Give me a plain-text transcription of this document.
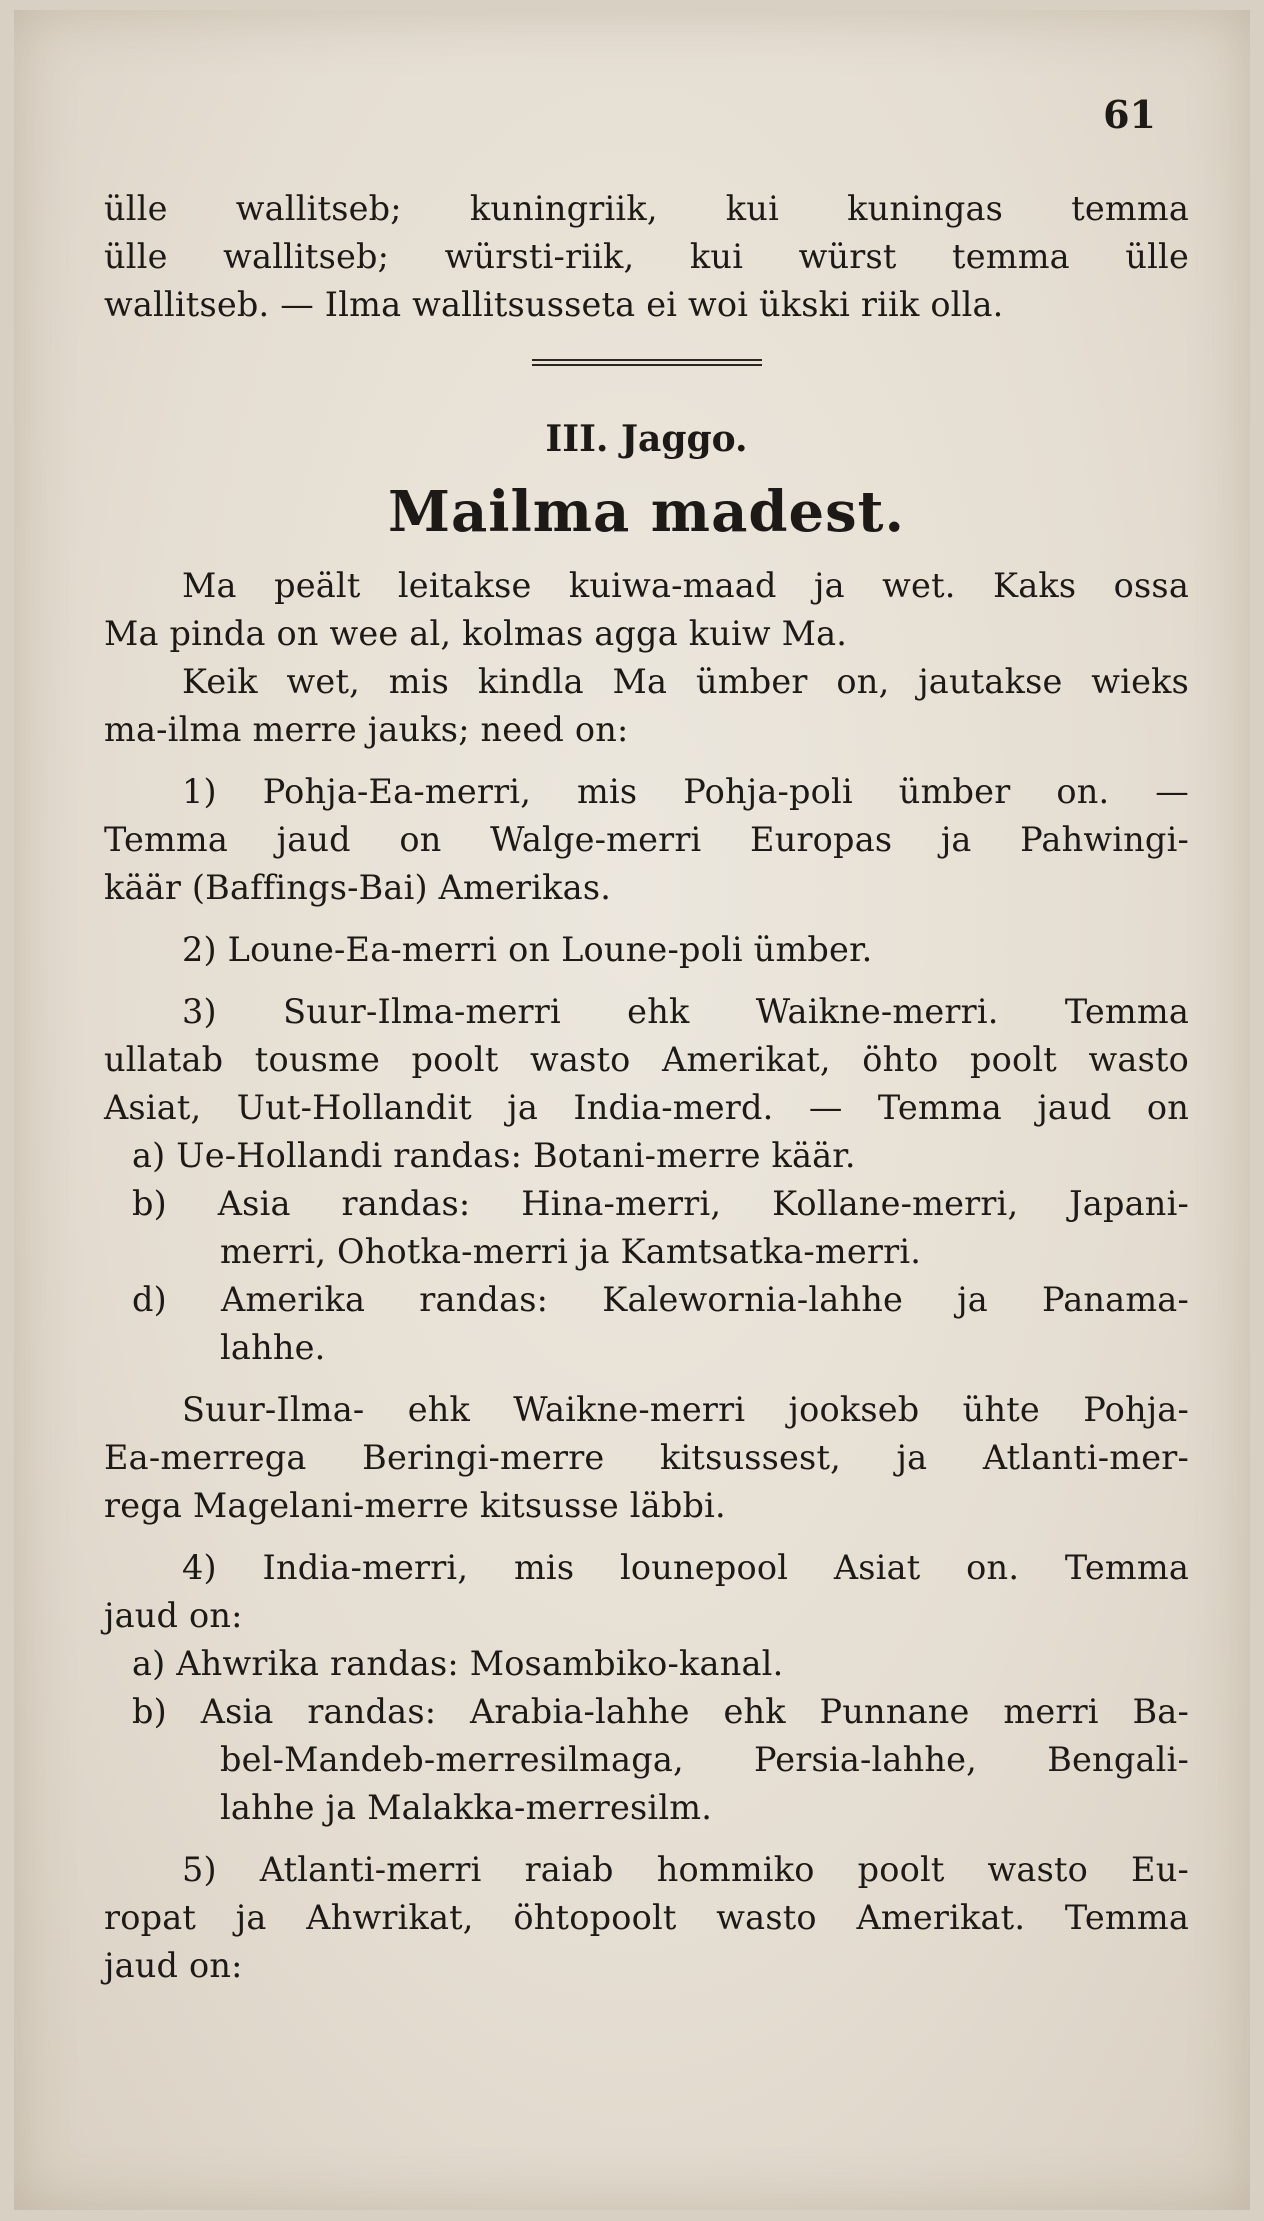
61
ülle wallitseb; kuningriik, kui kuningas temma
ülle wallitseb; würsti-riik, kui würst temma ülle
wallitseb. — Ilma wallitsusseta ei woi ükski riik olla.
III. Jaggo.
Mailma madest.
Ma peält leitakse kuiwa-maad ja wet. Kaks ossa
Ma pinda on wee al, kolmas agga kuiw Ma.
Keik wet, mis kindla Ma ümber on, jautakse wieks
ma-ilma merre jauks; need on:
1) Pohja-Ea-merri, mis Pohja-poli ümber on. —
Temma jaud on Walge-merri Europas ja Pahwingi-
käär (Baffings-Bai) Amerikas.
2) Loune-Ea-merri on Loune-poli ümber.
3) Suur-Ilma-merri ehk Waikne-merri. Temma
ullatab tousme poolt wasto Amerikat, öhto poolt wasto
Asiat, Uut-Hollandit ja India-merd. — Temma jaud on
a) Ue-Hollandi randas: Botani-merre käär.
b) Asia randas: Hina-merri, Kollane-merri, Japani-
merri, Ohotka-merri ja Kamtsatka-merri.
d) Amerika randas: Kalewornia-lahhe ja Panama-
lahhe.
Suur-Ilma- ehk Waikne-merri jookseb ühte Pohja-
Ea-merrega Beringi-merre kitsussest, ja Atlanti-mer-
rega Magelani-merre kitsusse läbbi.
4) India-merri, mis lounepool Asiat on. Temma
jaud on:
a) Ahwrika randas: Mosambiko-kanal.
b) Asia randas: Arabia-lahhe ehk Punnane merri Ba-
bel-Mandeb-merresilmaga, Persia-lahhe, Bengali-
lahhe ja Malakka-merresilm.
5) Atlanti-merri raiab hommiko poolt wasto Eu-
ropat ja Ahwrikat, öhtopoolt wasto Amerikat. Temma
jaud on:
